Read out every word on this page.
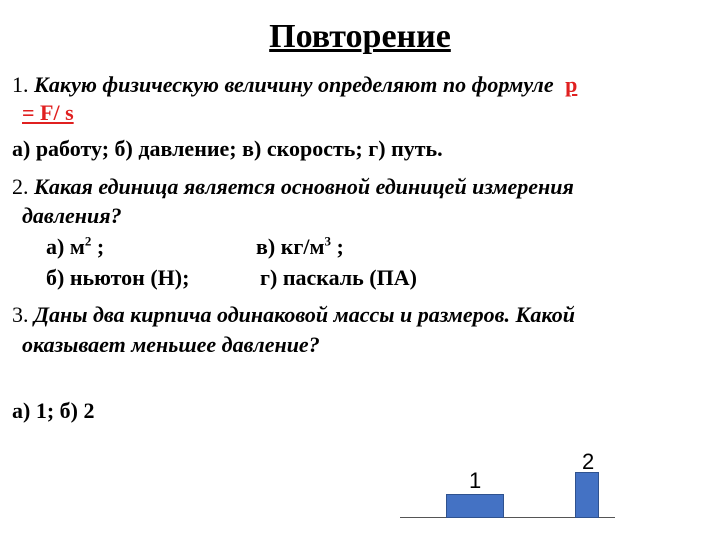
Повторение
1. Какую физическую величину определяют по формуле р
= F/ s
а) работу; б) давление; в) скорость; г) путь.
2. Какая единица является основной единицей измерения
давления?
а) $м^2$ ;	в) $кг/м^3$ ;
б) ньютон (Н);	г) паскаль (ПА)
3. Даны два кирпича одинаковой массы и размеров. Какой
оказывает меньшее давление?
а) 1; б) 2
1
2
